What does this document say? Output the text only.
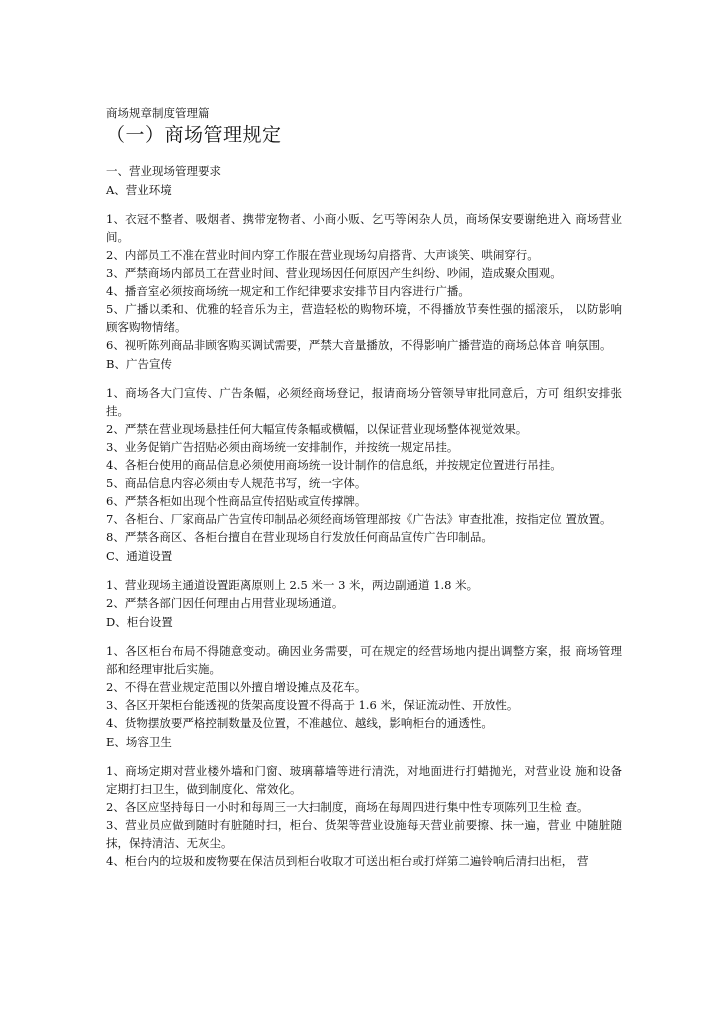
商场规章制度管理篇

（一）商场管理规定

一、营业现场管理要求

A、营业环境

1、衣冠不整者、吸烟者、携带宠物者、小商小贩、乞丐等闲杂人员，商场保安要谢绝进入 商场营业间。

2、内部员工不准在营业时间内穿工作服在营业现场勾肩搭背、大声谈笑、哄闹穿行。

3、严禁商场内部员工在营业时间、营业现场因任何原因产生纠纷、吵闹，造成聚众围观。

4、播音室必须按商场统一规定和工作纪律要求安排节目内容进行广播。

5、广播以柔和、优雅的轻音乐为主，营造轻松的购物环境，不得播放节奏性强的摇滚乐， 以防影响顾客购物情绪。

6、视听陈列商品非顾客购买调试需要，严禁大音量播放，不得影响广播营造的商场总体音 响氛围。

B、广告宣传

1、商场各大门宣传、广告条幅，必须经商场登记，报请商场分管领导审批同意后，方可 组织安排张挂。

2、严禁在营业现场悬挂任何大幅宣传条幅或横幅，以保证营业现场整体视觉效果。

3、业务促销广告招贴必须由商场统一安排制作，并按统一规定吊挂。

4、各柜台使用的商品信息必须使用商场统一设计制作的信息纸，并按规定位置进行吊挂。

5、商品信息内容必须由专人规范书写，统一字体。

6、严禁各柜如出现个性商品宣传招贴或宣传撑牌。

7、各柜台、厂家商品广告宣传印制品必须经商场管理部按《广告法》审查批准，按指定位 置放置。

8、严禁各商区、各柜台擅自在营业现场自行发放任何商品宣传广告印制品。

C、通道设置

1、营业现场主通道设置距离原则上 2.5 米一 3 米，两边副通道 1.8 米。

2、严禁各部门因任何理由占用营业现场通道。

D、柜台设置

1、各区柜台布局不得随意变动。确因业务需要，可在规定的经营场地内提出调整方案，报 商场管理部和经理审批后实施。

2、不得在营业规定范围以外擅自增设摊点及花车。

3、各区开架柜台能透视的货架高度设置不得高于 1.6 米，保证流动性、开放性。

4、货物摆放要严格控制数量及位置，不准越位、越线，影响柜台的通透性。

E、场容卫生

1、商场定期对营业楼外墙和门窗、玻璃幕墙等进行清洗，对地面进行打蜡抛光，对营业设 施和设备定期打扫卫生，做到制度化、常效化。

2、各区应坚持每日一小时和每周三一大扫制度，商场在每周四进行集中性专项陈列卫生检 查。

3、营业员应做到随时有脏随时扫，柜台、货架等营业设施每天营业前要擦、抹一遍，营业 中随脏随抹，保持清洁、无灰尘。

4、柜台内的垃圾和废物要在保洁员到柜台收取才可送出柜台或打烊第二遍铃响后清扫出柜， 营
